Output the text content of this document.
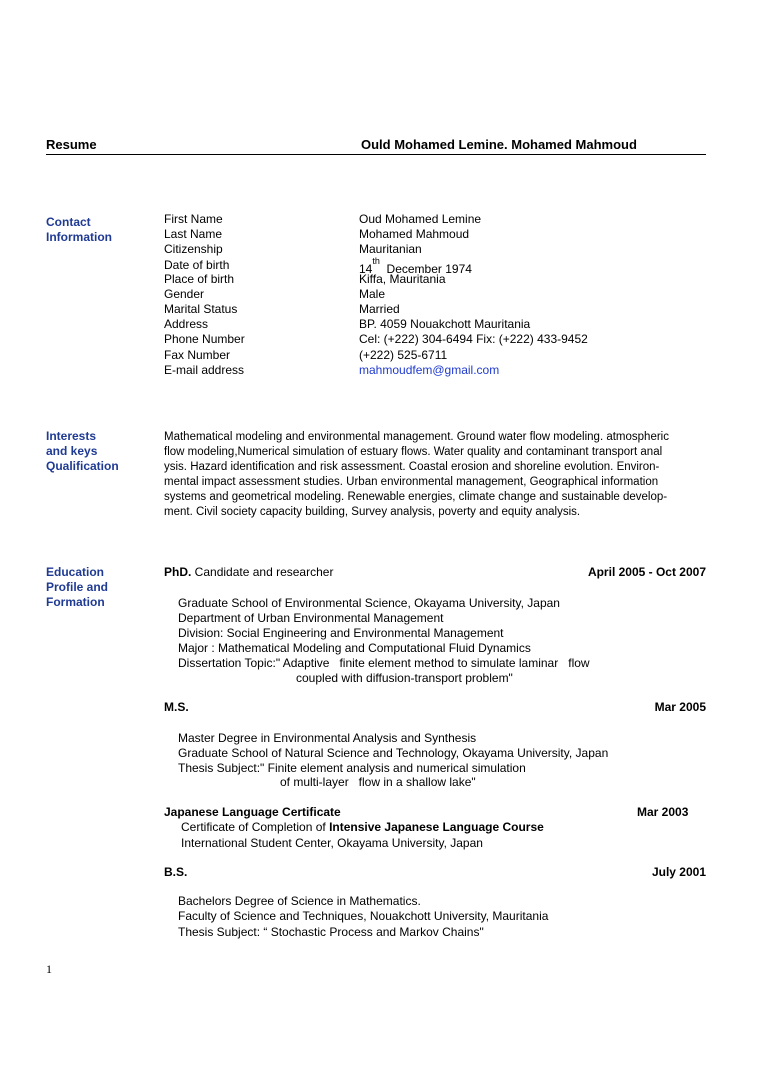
Resume	Ould Mohamed Lemine. Mohamed Mahmoud
Contact
Information
First Name	Oud Mohamed Lemine
Last Name	Mohamed Mahmoud
Citizenship	Mauritanian
Date of birth	14th  December 1974
Place of birth	Kiffa, Mauritania
Gender	Male
Marital Status	Married
Address	BP. 4059 Nouakchott Mauritania
Phone Number	Cel: (+222) 304-6494 Fix: (+222) 433-9452
Fax Number	(+222) 525-6711
E-mail address	mahmoudfem@gmail.com
Interests
and keys
Qualification
Mathematical modeling and environmental management. Ground water flow modeling. atmospheric
flow modeling,Numerical simulation of estuary flows. Water quality and contaminant transport anal
ysis. Hazard identification and risk assessment. Coastal erosion and shoreline evolution. Environ-
mental impact assessment studies. Urban environmental management, Geographical information
systems and geometrical modeling. Renewable energies, climate change and sustainable develop-
ment. Civil society capacity building, Survey analysis, poverty and equity analysis.
Education
Profile and
Formation
PhD. Candidate and researcher	April 2005 - Oct 2007
Graduate School of Environmental Science, Okayama University, Japan
Department of Urban Environmental Management
Division: Social Engineering and Environmental Management
Major : Mathematical Modeling and Computational Fluid Dynamics
Dissertation Topic:" Adaptive   finite element method to simulate laminar   flow
coupled with diffusion-transport problem"
M.S.	Mar 2005
Master Degree in Environmental Analysis and Synthesis
Graduate School of Natural Science and Technology, Okayama University, Japan
Thesis Subject:" Finite element analysis and numerical simulation
of multi-layer   flow in a shallow lake"
Japanese Language Certificate	Mar 2003
Certificate of Completion of Intensive Japanese Language Course
International Student Center, Okayama University, Japan
B.S.	July 2001
Bachelors Degree of Science in Mathematics.
Faculty of Science and Techniques, Nouakchott University, Mauritania
Thesis Subject: “ Stochastic Process and Markov Chains"
1
